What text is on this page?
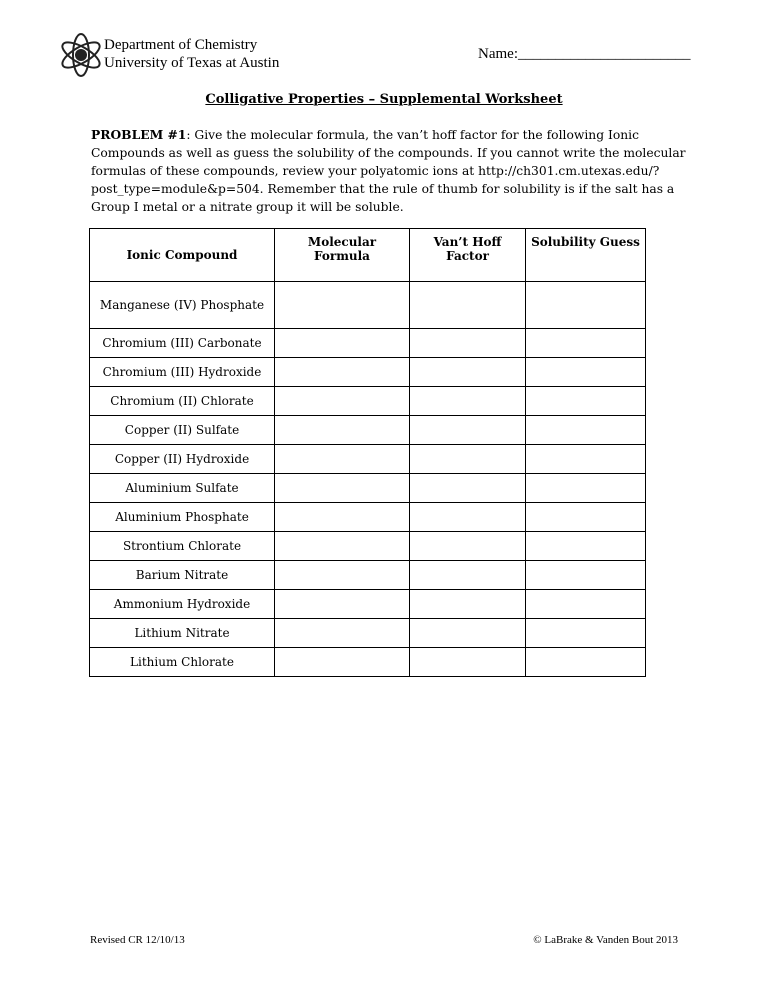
Department of Chemistry
University of Texas at Austin
Name:_______________________
Colligative Properties – Supplemental Worksheet
PROBLEM #1: Give the molecular formula, the van’t hoff factor for the following Ionic Compounds as well as guess the solubility of the compounds. If you cannot write the molecular formulas of these compounds, review your polyatomic ions at http://ch301.cm.utexas.edu/?post_type=module&p=504. Remember that the rule of thumb for solubility is if the salt has a Group I metal or a nitrate group it will be soluble.
Ionic Compound	Molecular Formula	Van’t Hoff Factor	Solubility Guess
Manganese (IV) Phosphate			
Chromium (III) Carbonate			
Chromium (III) Hydroxide			
Chromium (II) Chlorate			
Copper (II) Sulfate			
Copper (II) Hydroxide			
Aluminium Sulfate			
Aluminium Phosphate			
Strontium Chlorate			
Barium Nitrate			
Ammonium Hydroxide			
Lithium Nitrate			
Lithium Chlorate			
Revised CR 12/10/13	© LaBrake & Vanden Bout 2013
